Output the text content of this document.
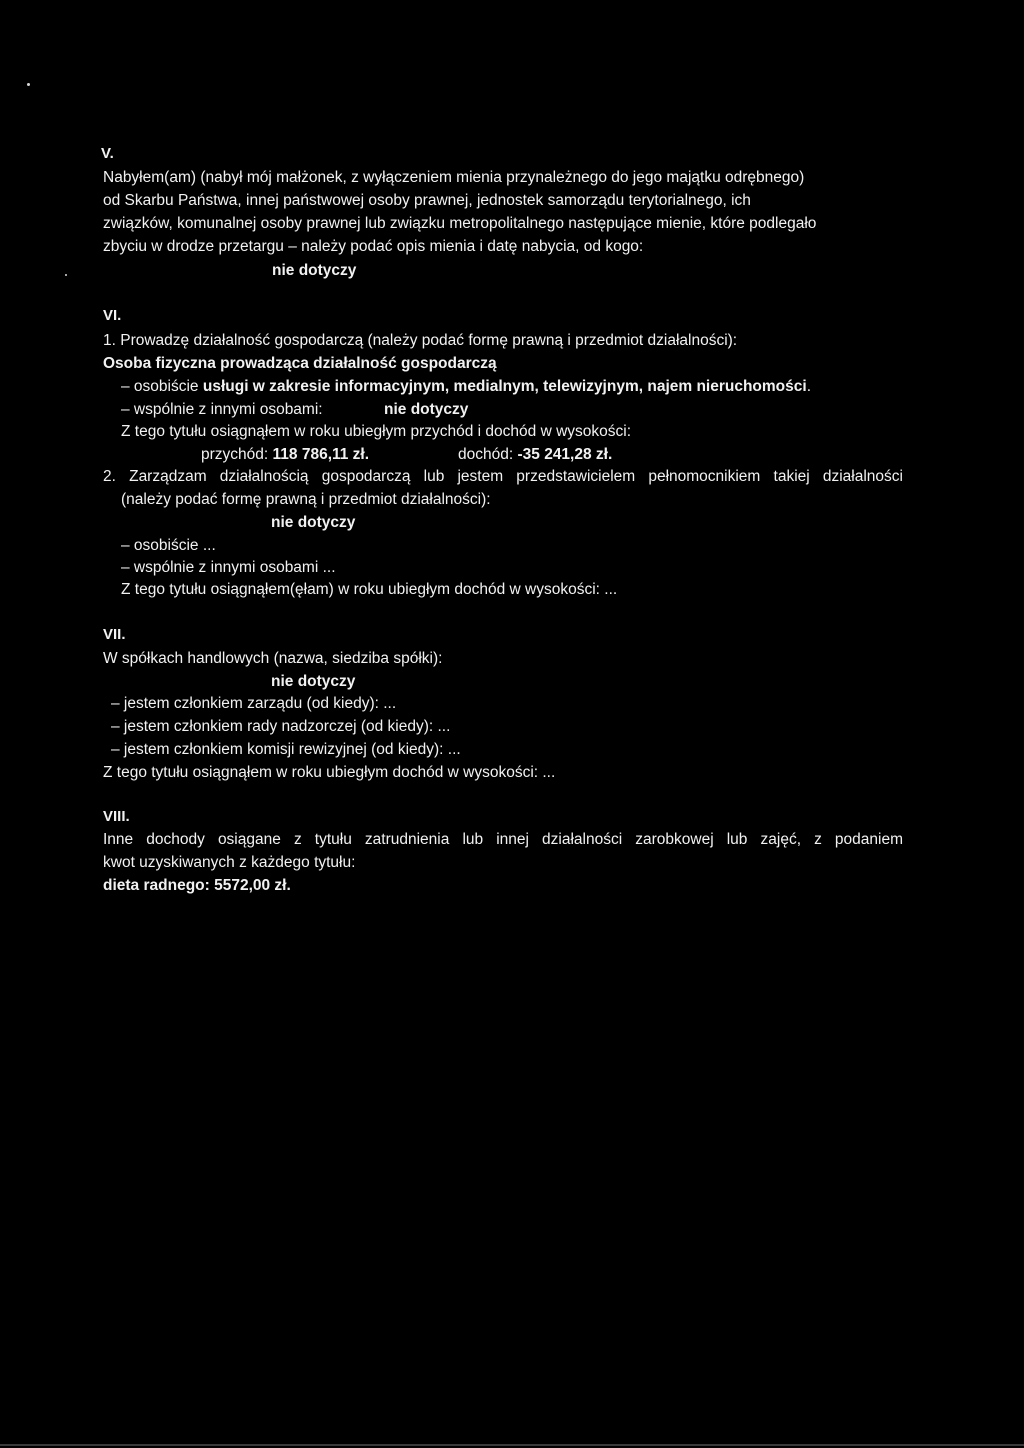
V.
Nabyłem(am) (nabył mój małżonek, z wyłączeniem mienia przynależnego do jego majątku odrębnego)
od Skarbu Państwa, innej państwowej osoby prawnej, jednostek samorządu terytorialnego, ich
związków, komunalnej osoby prawnej lub związku metropolitalnego następujące mienie, które podlegało
zbyciu w drodze przetargu – należy podać opis mienia i datę nabycia, od kogo:
nie dotyczy
VI.
1. Prowadzę działalność gospodarczą (należy podać formę prawną i przedmiot działalności):
Osoba fizyczna prowadząca działalność gospodarczą
– osobiście usługi w zakresie informacyjnym, medialnym, telewizyjnym, najem nieruchomości.
– wspólnie z innymi osobami:	nie dotyczy
Z tego tytułu osiągnąłem w roku ubiegłym przychód i dochód w wysokości:
przychód: 118 786,11 zł.	dochód: -35 241,28 zł.
2. Zarządzam działalnością gospodarczą lub jestem przedstawicielem pełnomocnikiem takiej działalności
(należy podać formę prawną i przedmiot działalności):
nie dotyczy
– osobiście ...
– wspólnie z innymi osobami ...
Z tego tytułu osiągnąłem(ęłam) w roku ubiegłym dochód w wysokości: ...
VII.
W spółkach handlowych (nazwa, siedziba spółki):
nie dotyczy
– jestem członkiem zarządu (od kiedy): ...
– jestem członkiem rady nadzorczej (od kiedy): ...
– jestem członkiem komisji rewizyjnej (od kiedy): ...
Z tego tytułu osiągnąłem w roku ubiegłym dochód w wysokości: ...
VIII.
Inne dochody osiągane z tytułu zatrudnienia lub innej działalności zarobkowej lub zajęć, z podaniem
kwot uzyskiwanych z każdego tytułu:
dieta radnego: 5572,00 zł.
